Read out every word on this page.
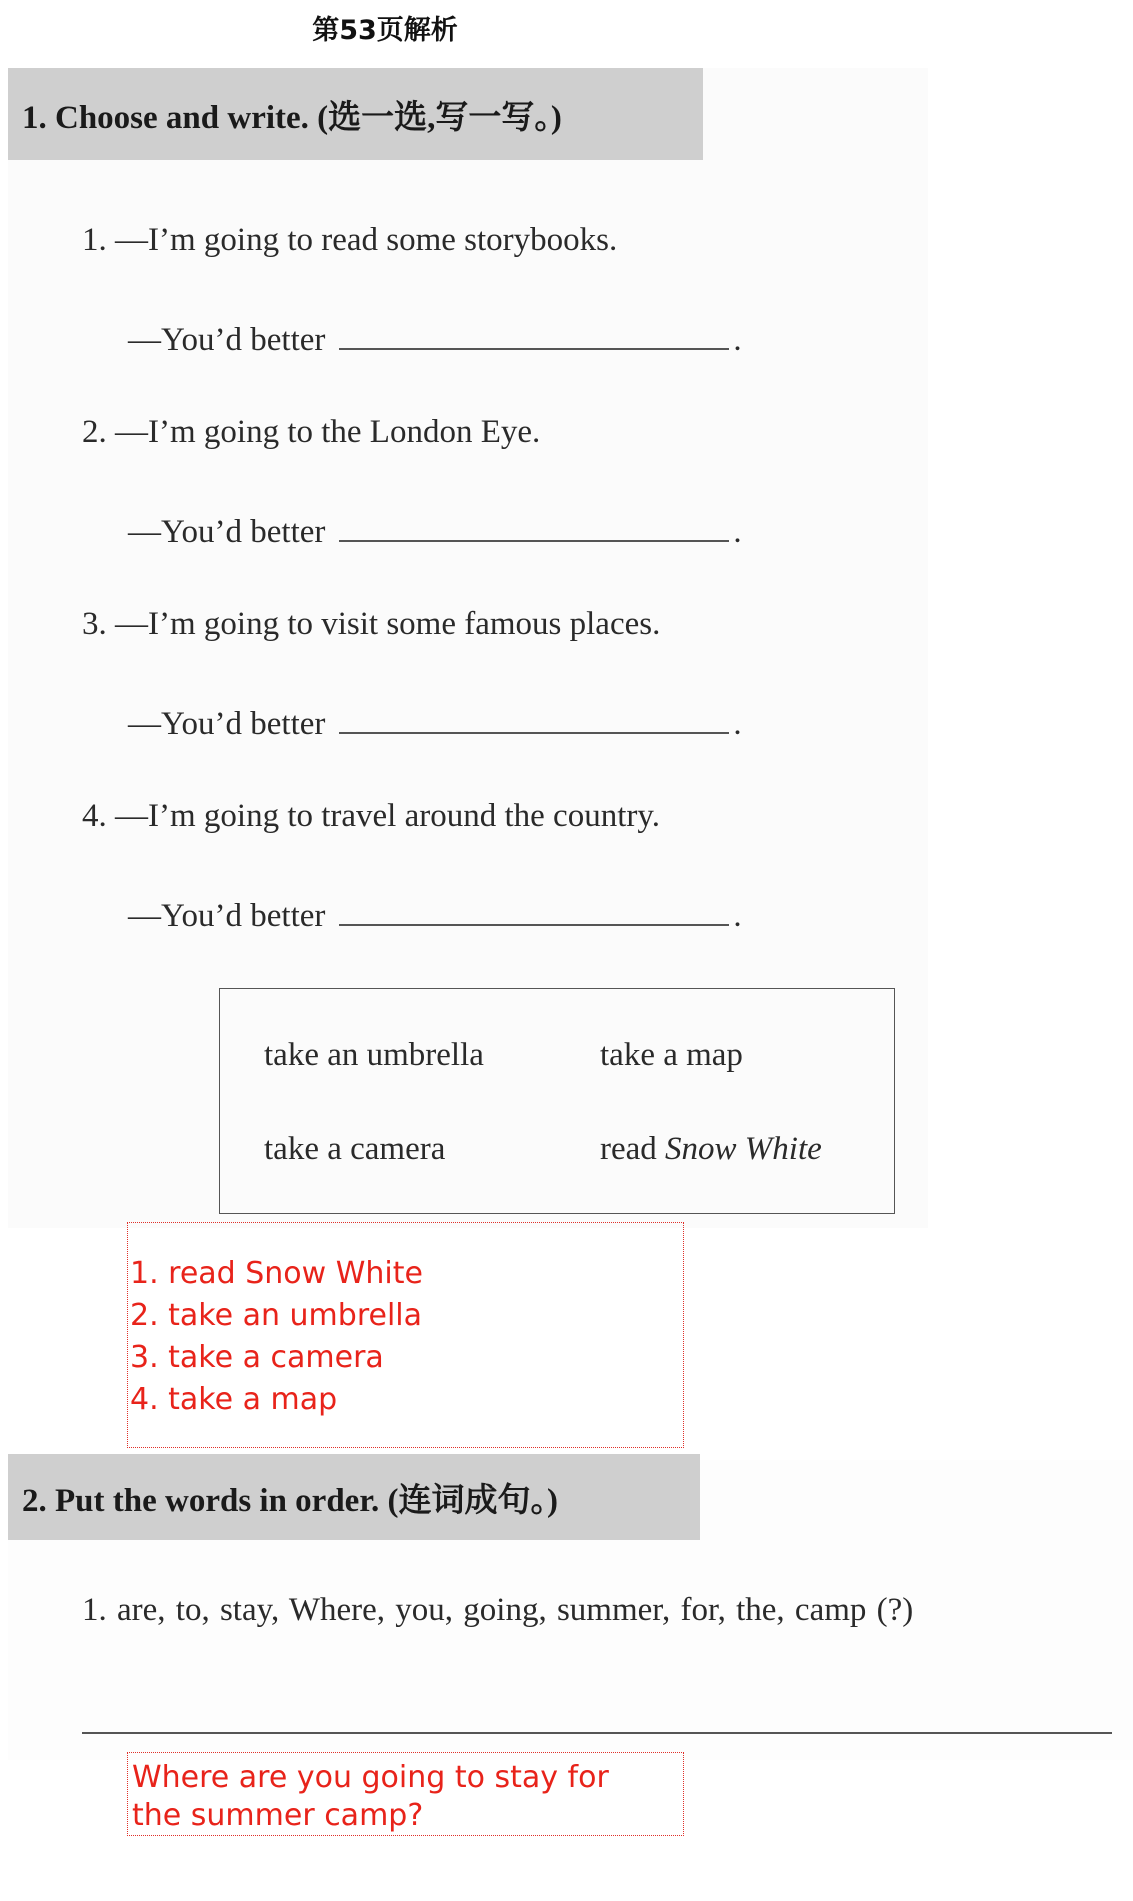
第53页解析
1. Choose and write. (选一选,写一写。)
1. —I’m going to read some storybooks.
—You’d better	.
2. —I’m going to the London Eye.
—You’d better	.
3. —I’m going to visit some famous places.
—You’d better	.
4. —I’m going to travel around the country.
—You’d better	.
take an umbrella	take a map
take a camera	read Snow White
1. read Snow White
2. take an umbrella
3. take a camera
4. take a map
2. Put the words in order. (连词成句。)
1. are, to, stay, Where, you, going, summer, for, the, camp (?)
Where are you going to stay for
the summer camp?
